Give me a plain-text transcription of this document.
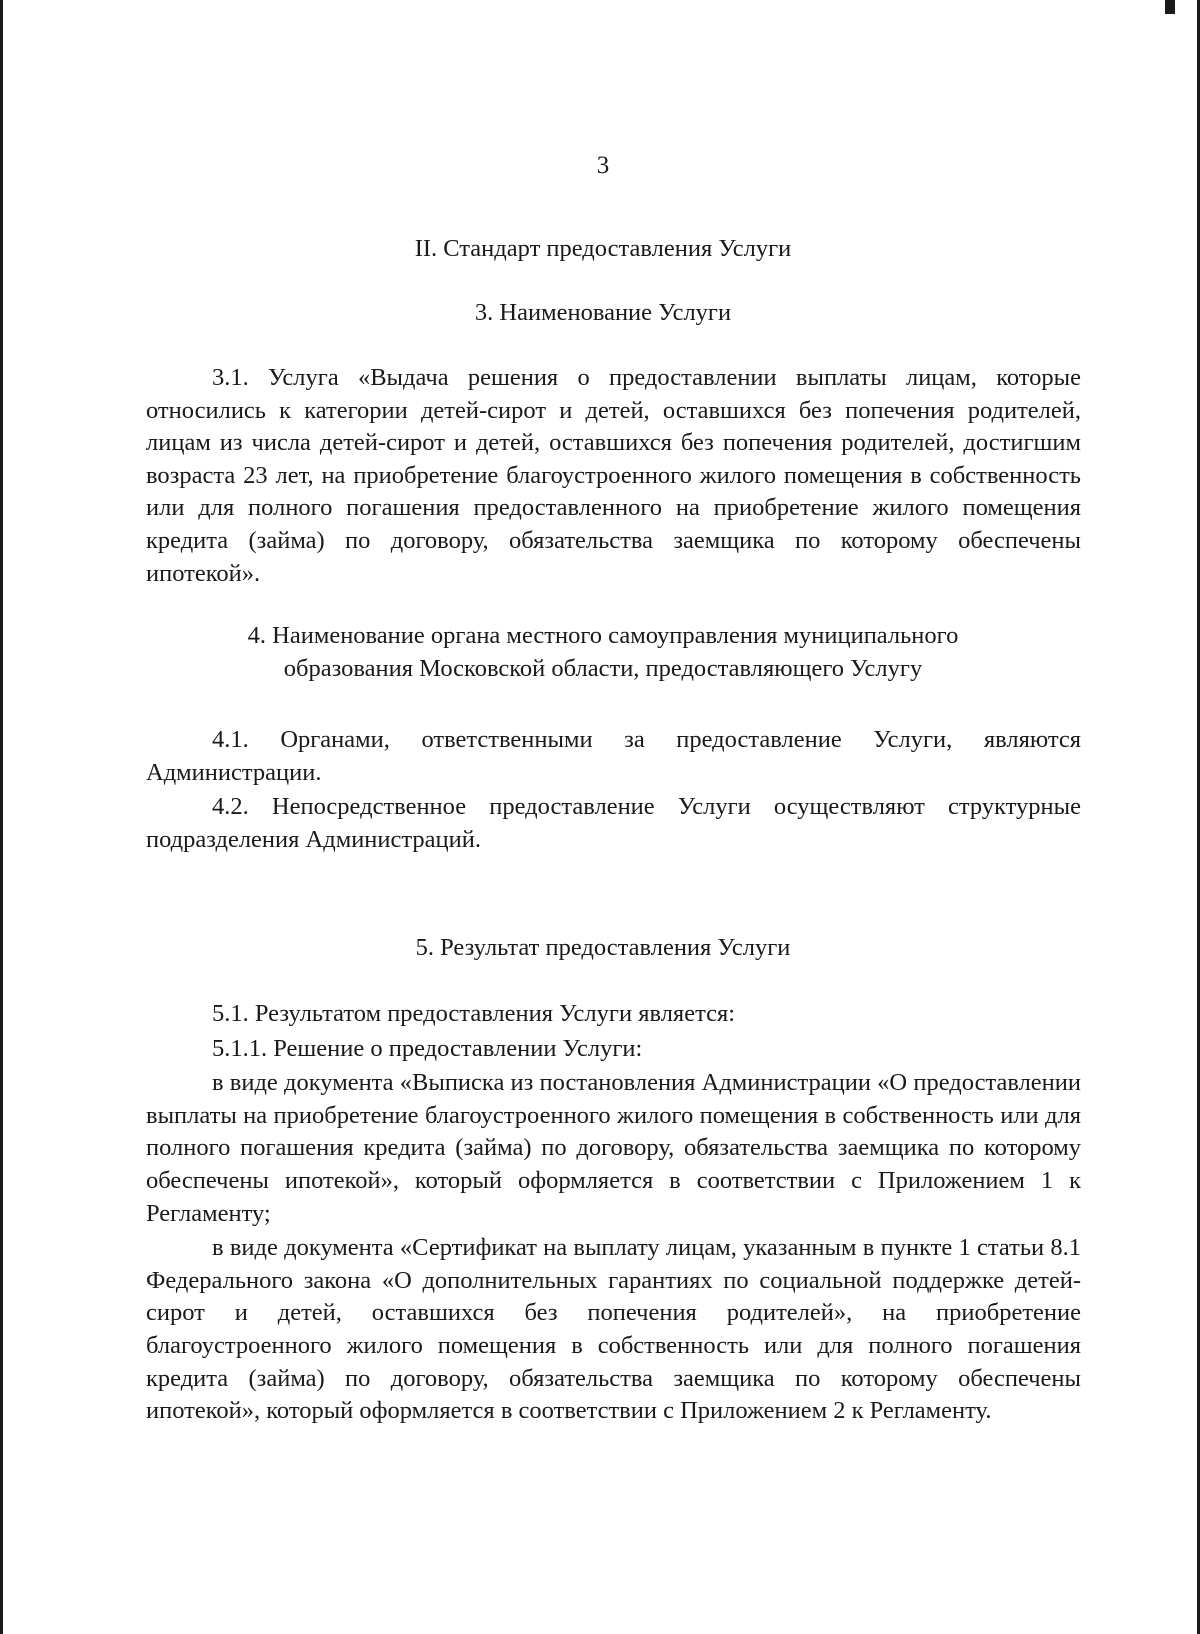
3
II. Стандарт предоставления Услуги
3. Наименование Услуги

3.1. Услуга «Выдача решения о предоставлении выплаты лицам, которые относились к категории детей-сирот и детей, оставшихся без попечения родителей, лицам из числа детей-сирот и детей, оставшихся без попечения родителей, достигшим возраста 23 лет, на приобретение благоустроенного жилого помещения в собственность или для полного погашения предоставленного на приобретение жилого помещения кредита (займа) по договору, обязательства заемщика по которому обеспечены ипотекой».

4. Наименование органа местного самоуправления муниципального
образования Московской области, предоставляющего Услугу

4.1. Органами, ответственными за предоставление Услуги, являются Администрации.

4.2. Непосредственное предоставление Услуги осуществляют структурные подразделения Администраций.

5. Результат предоставления Услуги

5.1. Результатом предоставления Услуги является:

5.1.1. Решение о предоставлении Услуги:

в виде документа «Выписка из постановления Администрации «О предоставлении выплаты на приобретение благоустроенного жилого помещения в собственность или для полного погашения кредита (займа) по договору, обязательства заемщика по которому обеспечены ипотекой», который оформляется в соответствии с Приложением 1 к Регламенту;

в виде документа «Сертификат на выплату лицам, указанным в пункте 1 статьи 8.1 Федерального закона «О дополнительных гарантиях по социальной поддержке детей-сирот и детей, оставшихся без попечения родителей», на приобретение благоустроенного жилого помещения в собственность или для полного погашения кредита (займа) по договору, обязательства заемщика по которому обеспечены ипотекой», который оформляется в соответствии с Приложением 2 к Регламенту.
